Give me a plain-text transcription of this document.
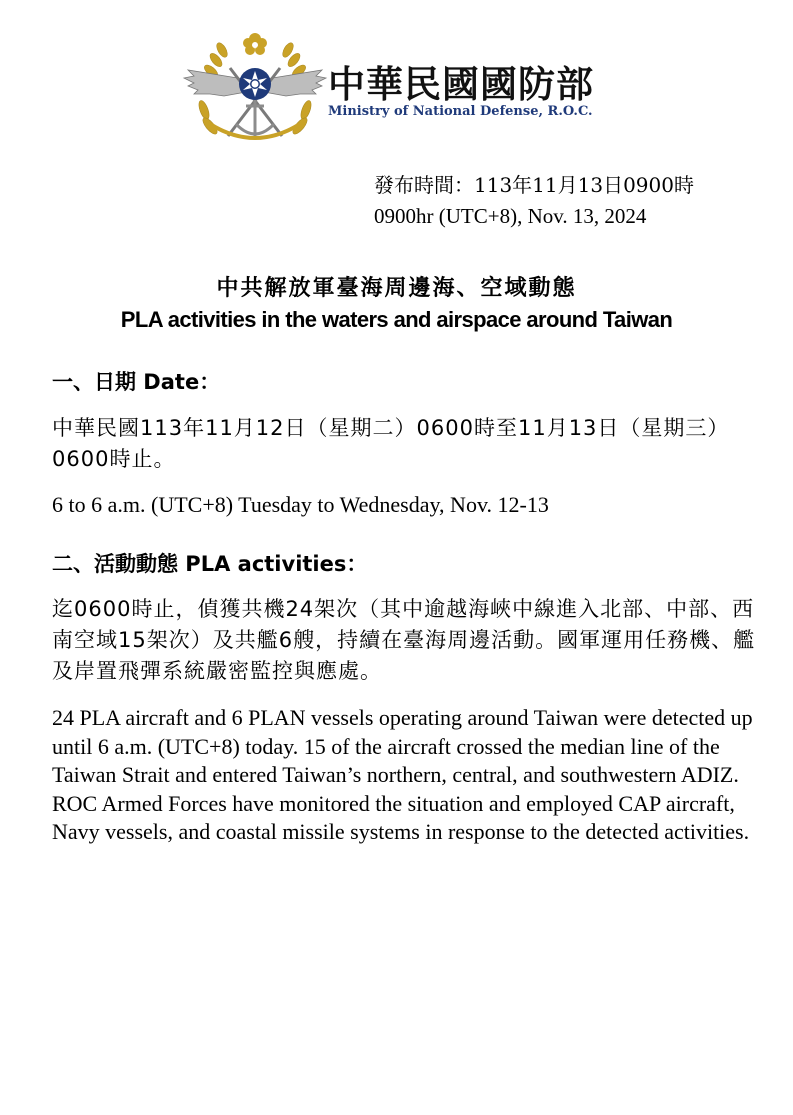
中華民國國防部
Ministry of National Defense, R.O.C.
發布時間：113年11月13日0900時
0900hr (UTC+8), Nov. 13, 2024
中共解放軍臺海周邊海、空域動態
PLA activities in the waters and airspace around Taiwan
一、日期 Date：
中華民國113年11月12日（星期二）0600時至11月13日（星期三）0600時止。
6 to 6 a.m. (UTC+8) Tuesday to Wednesday, Nov. 12-13
二、活動動態 PLA activities：
迄0600時止，偵獲共機24架次（其中逾越海峽中線進入北部、中部、西南空域15架次）及共艦6艘，持續在臺海周邊活動。國軍運用任務機、艦及岸置飛彈系統嚴密監控與應處。
24 PLA aircraft and 6 PLAN vessels operating around Taiwan were detected up until 6 a.m. (UTC+8) today. 15 of the aircraft crossed the median line of the Taiwan Strait and entered Taiwan’s northern, central, and southwestern ADIZ. ROC Armed Forces have monitored the situation and employed CAP aircraft, Navy vessels, and coastal missile systems in response to the detected activities.
